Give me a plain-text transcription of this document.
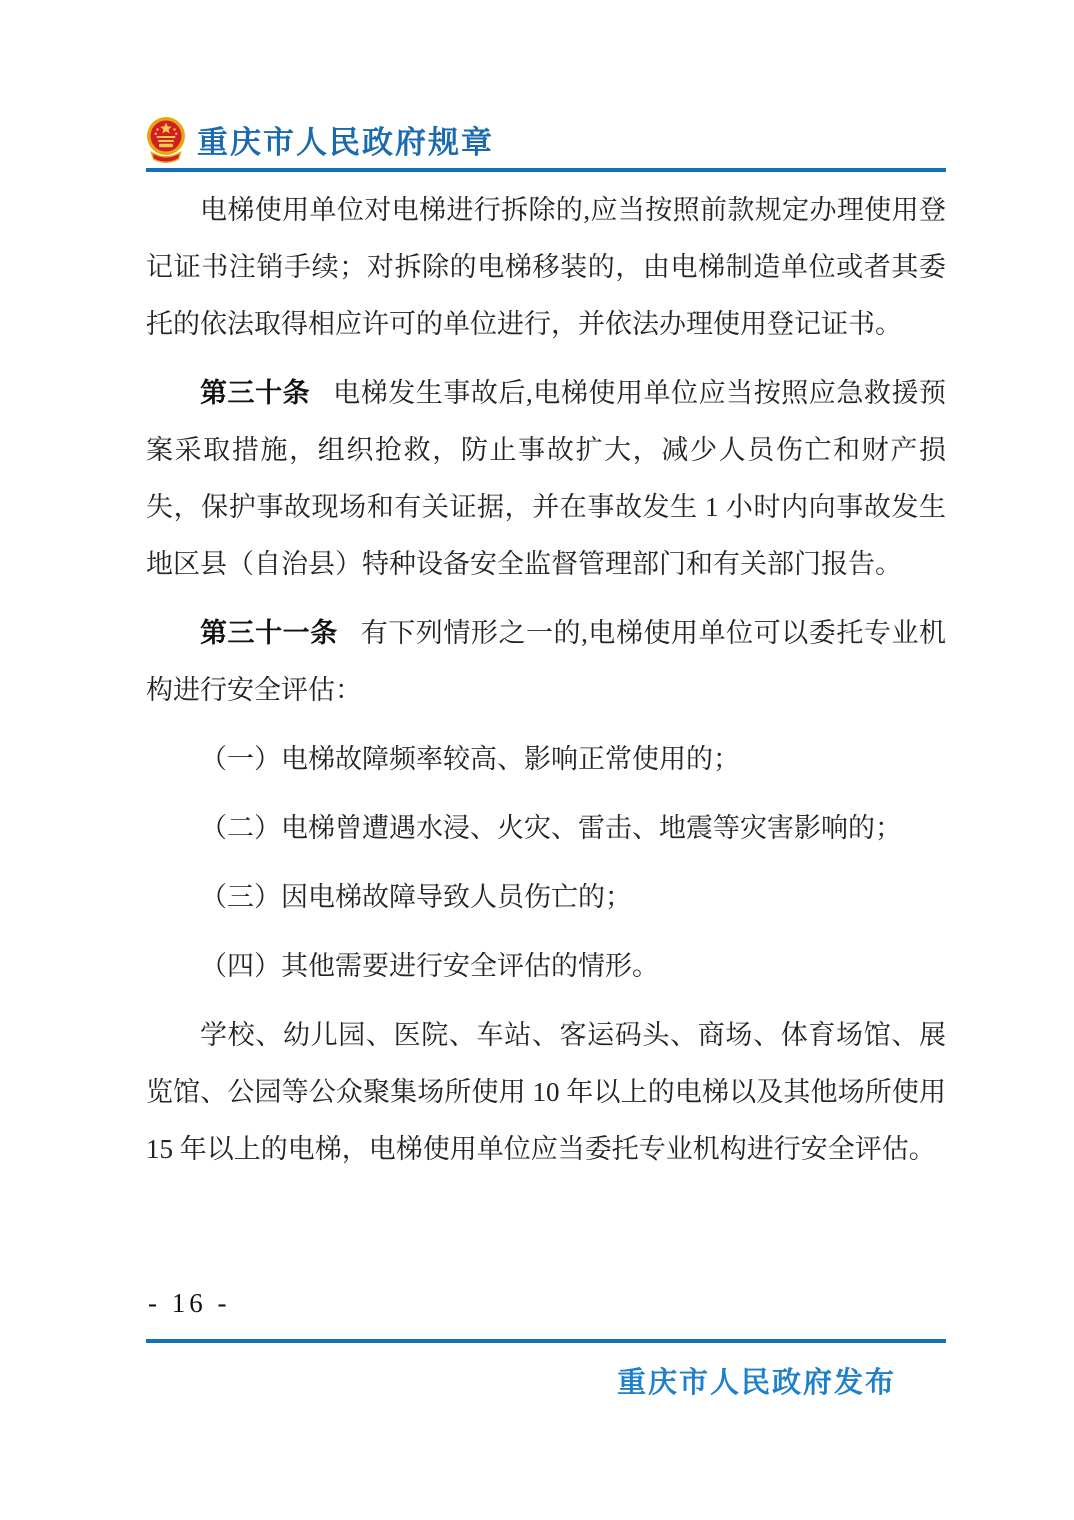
重庆市人民政府规章

电梯使用单位对电梯进行拆除的,应当按照前款规定办理使用登记证书注销手续；对拆除的电梯移装的，由电梯制造单位或者其委托的依法取得相应许可的单位进行，并依法办理使用登记证书。

第三十条 电梯发生事故后,电梯使用单位应当按照应急救援预案采取措施，组织抢救，防止事故扩大，减少人员伤亡和财产损失，保护事故现场和有关证据，并在事故发生 1 小时内向事故发生地区县（自治县）特种设备安全监督管理部门和有关部门报告。

第三十一条 有下列情形之一的,电梯使用单位可以委托专业机构进行安全评估：

（一）电梯故障频率较高、影响正常使用的；

（二）电梯曾遭遇水浸、火灾、雷击、地震等灾害影响的；

（三）因电梯故障导致人员伤亡的；

（四）其他需要进行安全评估的情形。

学校、幼儿园、医院、车站、客运码头、商场、体育场馆、展览馆、公园等公众聚集场所使用 10 年以上的电梯以及其他场所使用 15 年以上的电梯，电梯使用单位应当委托专业机构进行安全评估。

- 16 -
重庆市人民政府发布
